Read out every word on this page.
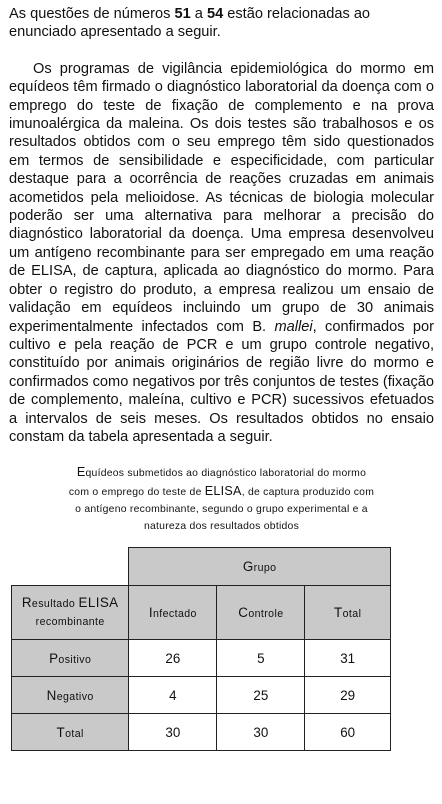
As questões de números 51 a 54 estão relacionadas ao enunciado apresentado a seguir.

Os programas de vigilância epidemiológica do mormo em equídeos têm firmado o diagnóstico laboratorial da doença com o emprego do teste de fixação de complemento e na prova imunoalérgica da maleina. Os dois testes são trabalhosos e os resultados obtidos com o seu emprego têm sido questionados em termos de sensibilidade e especificidade, com particular destaque para a ocorrência de reações cruzadas em animais acometidos pela melioidose. As técnicas de biologia molecular poderão ser uma alternativa para melhorar a precisão do diagnóstico laboratorial da doença. Uma empresa desenvolveu um antígeno recombinante para ser empregado em uma reação de ELISA, de captura, aplicada ao diagnóstico do mormo. Para obter o registro do produto, a empresa realizou um ensaio de validação em equídeos incluindo um grupo de 30 animais experimentalmente infectados com B. mallei, confirmados por cultivo e pela reação de PCR e um grupo controle negativo, constituído por animais originários de região livre do mormo e confirmados como negativos por três conjuntos de testes (fixação de complemento, maleína, cultivo e PCR) sucessivos efetuados a intervalos de seis meses. Os resultados obtidos no ensaio constam da tabela apresentada a seguir.

Equídeos submetidos ao diagnóstico laboratorial do mormo
com o emprego do teste de ELISA, de captura produzido com
o antígeno recombinante, segundo o grupo experimental e a
natureza dos resultados obtidos
	Grupo		
Resultado ELISA
recombinante	Infectado	Controle	Total
Positivo	26	5	31
Negativo	4	25	29
Total	30	30	60
